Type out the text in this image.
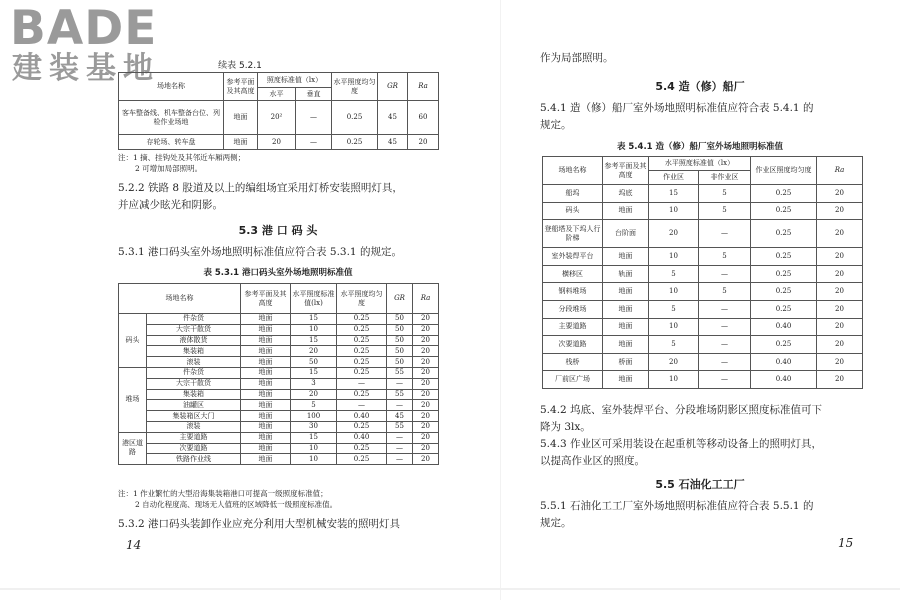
BADE
建装基地	续表 5.2.1
场地名称	参考平面及其高度	照度标准值（lx）		水平照度均匀度	GR	Ra
		水平	垂直			
客车整备线、机车整备台位、列检作业场地	地面	20²	—	0.25	45	60
存轮场、转车盘	地面	20	—	0.25	45	20
注：1 摘、挂钩处及其邻近车厢两侧；
2 可增加局部照明。
5.2.2 铁路 8 股道及以上的编组场宜采用灯桥安装照明灯具，
并应减少眩光和阴影。
5.3 港 口 码 头
5.3.1 港口码头室外场地照明标准值应符合表 5.3.1 的规定。
表 5.3.1 港口码头室外场地照明标准值
场地名称		参考平面及其高度	水平照度标准值(lx)	水平照度均匀度	GR	Ra
码头	件杂货	地面	15	0.25	50	20
	大宗干散货	地面	10	0.25	50	20
	液体散货	地面	15	0.25	50	20
	集装箱	地面	20	0.25	50	20
	滚装	地面	50	0.25	50	20
堆场	件杂货	地面	15	0.25	55	20
	大宗干散货	地面	3	—	—	20
	集装箱	地面	20	0.25	55	20
	油罐区	地面	5	—	—	20
	集装箱区大门	地面	100	0.40	45	20
	滚装	地面	30	0.25	55	20
港区道路	主要道路	地面	15	0.40	—	20
	次要道路	地面	10	0.25	—	20
	铁路作业线	地面	10	0.25	—	20
注：1 作业繁忙的大型沿海集装箱港口可提高一级照度标准值；
2 自动化程度高、现场无人值班的区域降低一级照度标准值。
5.3.2 港口码头装卸作业应充分利用大型机械安装的照明灯具
14
作为局部照明。
5.4 造（修）船厂
5.4.1 造（修）船厂室外场地照明标准值应符合表 5.4.1 的
规定。
表 5.4.1 造（修）船厂室外场地照明标准值
场地名称	参考平面及其高度	水平照度标准值（lx）		作业区照度均匀度	Ra
		作业区	非作业区		
船坞	坞底	15	5	0.25	20
码头	地面	10	5	0.25	20
登船塔及下坞人行阶梯	台阶面	20	—	0.25	20
室外装焊平台	地面	10	5	0.25	20
横移区	轨面	5	—	0.25	20
钢料堆场	地面	10	5	0.25	20
分段堆场	地面	5	—	0.25	20
主要道路	地面	10	—	0.40	20
次要道路	地面	5	—	0.25	20
栈桥	桥面	20	—	0.40	20
厂前区广场	地面	10	—	0.40	20
5.4.2 坞底、室外装焊平台、分段堆场阴影区照度标准值可下
降为 3lx。
5.4.3 作业区可采用装设在起重机等移动设备上的照明灯具，
以提高作业区的照度。
5.5 石油化工工厂
5.5.1 石油化工工厂室外场地照明标准值应符合表 5.5.1 的
规定。
15
